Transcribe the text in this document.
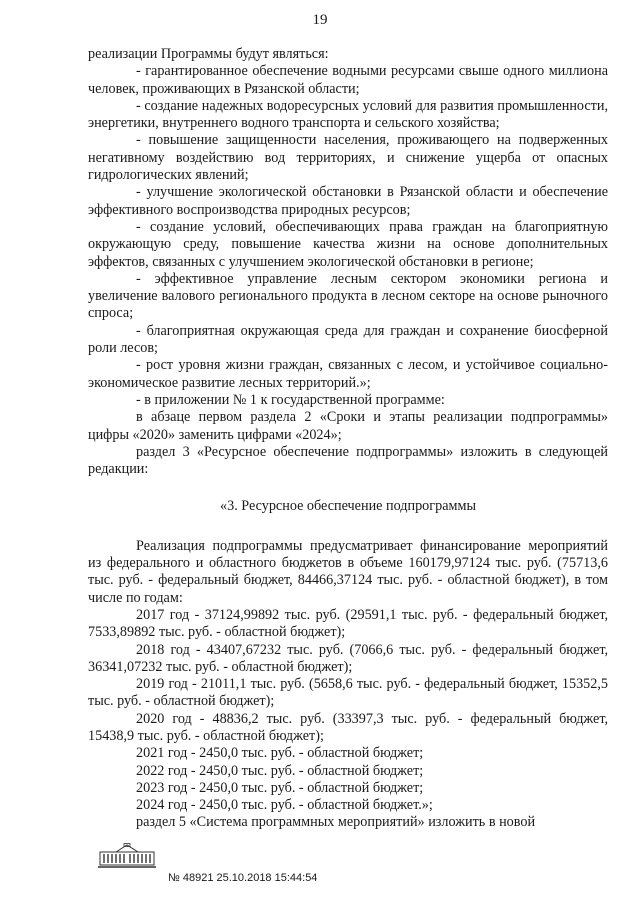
19

реализации Программы будут являться:

- гарантированное обеспечение водными ресурсами свыше одного миллиона человек, проживающих в Рязанской области;

- создание надежных водоресурсных условий для развития промышленности, энергетики, внутреннего водного транспорта и сельского хозяйства;

- повышение защищенности населения, проживающего на подверженных негативному воздействию вод территориях, и снижение ущерба от опасных гидрологических явлений;

- улучшение экологической обстановки в Рязанской области и обеспечение эффективного воспроизводства природных ресурсов;

- создание условий, обеспечивающих права граждан на благоприятную окружающую среду, повышение качества жизни на основе дополнительных эффектов, связанных с улучшением экологической обстановки в регионе;

- эффективное управление лесным сектором экономики региона и увеличение валового регионального продукта в лесном секторе на основе рыночного спроса;

- благоприятная окружающая среда для граждан и сохранение биосферной роли лесов;

- рост уровня жизни граждан, связанных с лесом, и устойчивое социально-экономическое развитие лесных территорий.»;

- в приложении № 1 к государственной программе:

в абзаце первом раздела 2 «Сроки и этапы реализации подпрограммы» цифры «2020» заменить цифрами «2024»;

раздел 3 «Ресурсное обеспечение подпрограммы» изложить в следующей редакции:

«3. Ресурсное обеспечение подпрограммы

Реализация подпрограммы предусматривает финансирование мероприятий из федерального и областного бюджетов в объеме 160179,97124 тыс. руб. (75713,6 тыс. руб. - федеральный бюджет, 84466,37124 тыс. руб. - областной бюджет), в том числе по годам:

2017 год - 37124,99892 тыс. руб. (29591,1 тыс. руб. - федеральный бюджет, 7533,89892 тыс. руб. - областной бюджет);

2018 год - 43407,67232 тыс. руб. (7066,6 тыс. руб. - федеральный бюджет, 36341,07232 тыс. руб. - областной бюджет);

2019 год - 21011,1 тыс. руб. (5658,6 тыс. руб. - федеральный бюджет, 15352,5 тыс. руб. - областной бюджет);

2020 год - 48836,2 тыс. руб. (33397,3 тыс. руб. - федеральный бюджет, 15438,9 тыс. руб. - областной бюджет);

2021 год - 2450,0 тыс. руб. - областной бюджет;

2022 год - 2450,0 тыс. руб. - областной бюджет;

2023 год - 2450,0 тыс. руб. - областной бюджет;

2024 год - 2450,0 тыс. руб. - областной бюджет.»;

раздел 5 «Система программных мероприятий» изложить в новой

№ 48921 25.10.2018 15:44:54
